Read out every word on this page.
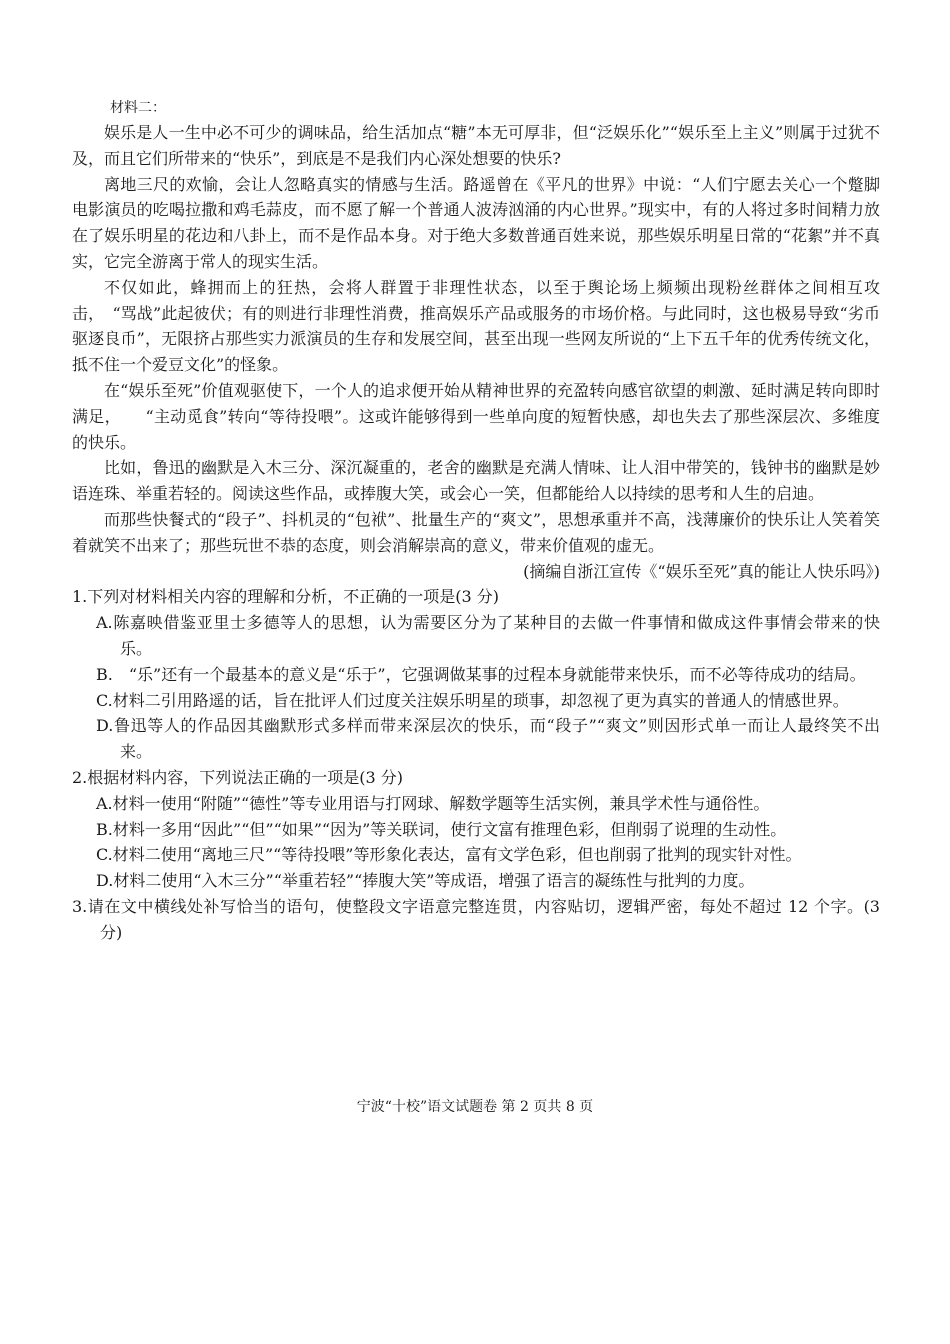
材料二：

娱乐是人一生中必不可少的调味品，给生活加点“糖”本无可厚非，但“泛娱乐化”“娱乐至上主义”则属于过犹不及，而且它们所带来的“快乐”，到底是不是我们内心深处想要的快乐?

离地三尺的欢愉，会让人忽略真实的情感与生活。路遥曾在《平凡的世界》中说：“人们宁愿去关心一个蹩脚电影演员的吃喝拉撒和鸡毛蒜皮，而不愿了解一个普通人波涛汹涌的内心世界。”现实中，有的人将过多时间精力放在了娱乐明星的花边和八卦上，而不是作品本身。对于绝大多数普通百姓来说，那些娱乐明星日常的“花絮”并不真实，它完全游离于常人的现实生活。

不仅如此，蜂拥而上的狂热，会将人群置于非理性状态，以至于舆论场上频频出现粉丝群体之间相互攻击，　“骂战”此起彼伏；有的则进行非理性消费，推高娱乐产品或服务的市场价格。与此同时，这也极易导致“劣币驱逐良币”，无限挤占那些实力派演员的生存和发展空间，甚至出现一些网友所说的“上下五千年的优秀传统文化，抵不住一个爱豆文化”的怪象。

在“娱乐至死”价值观驱使下，一个人的追求便开始从精神世界的充盈转向感官欲望的刺激、延时满足转向即时满足，　　“主动觅食”转向“等待投喂”。这或许能够得到一些单向度的短暂快感，却也失去了那些深层次、多维度的快乐。

比如，鲁迅的幽默是入木三分、深沉凝重的，老舍的幽默是充满人情味、让人泪中带笑的，钱钟书的幽默是妙语连珠、举重若轻的。阅读这些作品，或捧腹大笑，或会心一笑，但都能给人以持续的思考和人生的启迪。

而那些快餐式的“段子”、抖机灵的“包袱”、批量生产的“爽文”，思想承重并不高，浅薄廉价的快乐让人笑着笑着就笑不出来了；那些玩世不恭的态度，则会消解崇高的意义，带来价值观的虚无。

(摘编自浙江宣传《“娱乐至死”真的能让人快乐吗》)

1.下列对材料相关内容的理解和分析，不正确的一项是(3 分)

A.陈嘉映借鉴亚里士多德等人的思想，认为需要区分为了某种目的去做一件事情和做成这件事情会带来的快乐。

B.　“乐”还有一个最基本的意义是“乐于”，它强调做某事的过程本身就能带来快乐，而不必等待成功的结局。

C.材料二引用路遥的话，旨在批评人们过度关注娱乐明星的琐事，却忽视了更为真实的普通人的情感世界。

D.鲁迅等人的作品因其幽默形式多样而带来深层次的快乐，而“段子”“爽文”则因形式单一而让人最终笑不出来。

2.根据材料内容，下列说法正确的一项是(3 分)

A.材料一使用“附随”“德性”等专业用语与打网球、解数学题等生活实例，兼具学术性与通俗性。

B.材料一多用“因此”“但”“如果”“因为”等关联词，使行文富有推理色彩，但削弱了说理的生动性。

C.材料二使用“离地三尺”“等待投喂”等形象化表达，富有文学色彩，但也削弱了批判的现实针对性。

D.材料二使用“入木三分”“举重若轻”“捧腹大笑”等成语，增强了语言的凝练性与批判的力度。

3.请在文中横线处补写恰当的语句，使整段文字语意完整连贯，内容贴切，逻辑严密，每处不超过 12 个字。(3 分)

宁波“十校”语文试题卷 第 2 页共 8 页
